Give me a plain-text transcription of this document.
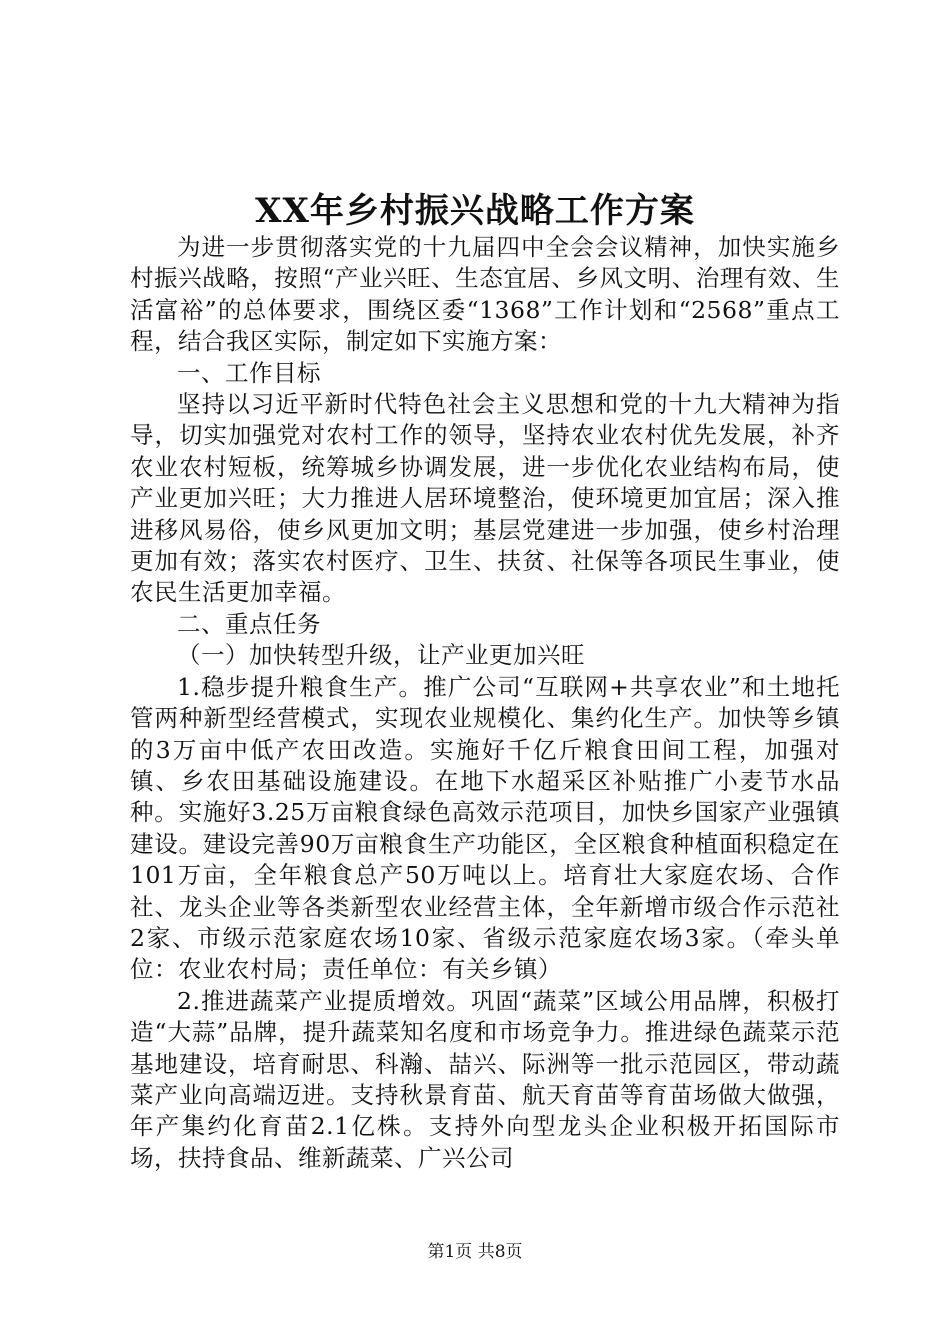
XX年乡村振兴战略工作方案

为进一步贯彻落实党的十九届四中全会会议精神，加快实施乡村振兴战略，按照“产业兴旺、生态宜居、乡风文明、治理有效、生活富裕”的总体要求，围绕区委“1368”工作计划和“2568”重点工程，结合我区实际，制定如下实施方案：

一、工作目标

坚持以习近平新时代特色社会主义思想和党的十九大精神为指导，切实加强党对农村工作的领导，坚持农业农村优先发展，补齐农业农村短板，统筹城乡协调发展，进一步优化农业结构布局，使产业更加兴旺；大力推进人居环境整治，使环境更加宜居；深入推进移风易俗，使乡风更加文明；基层党建进一步加强，使乡村治理更加有效；落实农村医疗、卫生、扶贫、社保等各项民生事业，使农民生活更加幸福。

二、重点任务

（一）加快转型升级，让产业更加兴旺

1.稳步提升粮食生产。推广公司“互联网+共享农业”和土地托管两种新型经营模式，实现农业规模化、集约化生产。加快等乡镇的3万亩中低产农田改造。实施好千亿斤粮食田间工程，加强对镇、乡农田基础设施建设。在地下水超采区补贴推广小麦节水品种。实施好3.25万亩粮食绿色高效示范项目，加快乡国家产业强镇建设。建设完善90万亩粮食生产功能区，全区粮食种植面积稳定在101万亩，全年粮食总产50万吨以上。培育壮大家庭农场、合作社、龙头企业等各类新型农业经营主体，全年新增市级合作示范社2家、市级示范家庭农场10家、省级示范家庭农场3家。（牵头单位：农业农村局；责任单位：有关乡镇）

2.推进蔬菜产业提质增效。巩固“蔬菜”区域公用品牌，积极打造“大蒜”品牌，提升蔬菜知名度和市场竞争力。推进绿色蔬菜示范基地建设，培育耐思、科瀚、喆兴、际洲等一批示范园区，带动蔬菜产业向高端迈进。支持秋景育苗、航天育苗等育苗场做大做强，年产集约化育苗2.1亿株。支持外向型龙头企业积极开拓国际市场，扶持食品、维新蔬菜、广兴公司

第1页 共8页
